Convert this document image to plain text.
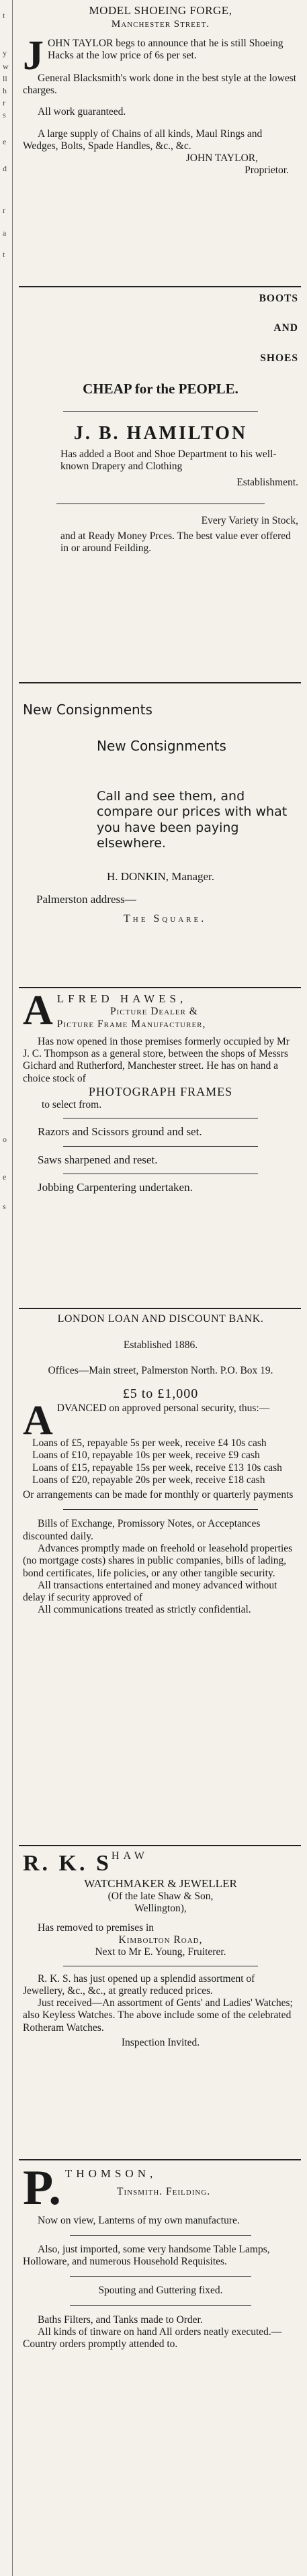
t
y
w
ll
h
r
s
e
d
r
a
t
o
e
s

MODEL SHOEING FORGE,

Manchester Street.

JOHN TAYLOR begs to announce that he is still Shoeing Hacks at the low price of 6s per set.

General Blacksmith's work done in the best style at the lowest charges.

All work guaranteed.

A large supply of Chains of all kinds, Maul Rings and Wedges, Bolts, Spade Handles, &c., &c.

JOHN TAYLOR,

Proprietor.

BOOTS

AND

SHOES

CHEAP for the PEOPLE.

J. B. HAMILTON

Has added a Boot and Shoe Department to his well-known Drapery and Clothing

Establishment.

Every Variety in Stock,

and at Ready Money Prces. The best value ever offered in or around Feilding.

New Consignments

New Consignments

Call and see them, and compare our prices with what you have been paying elsewhere.

H. DONKIN, Manager.

Palmerston address—

The Square.

ALFRED HAWES,

Picture Dealer &

Picture Frame Manufacturer,

Has now opened in those premises formerly occupied by Mr J. C. Thompson as a general store, between the shops of Messrs Gichard and Rutherford, Manchester street. He has on hand a choice stock of

PHOTOGRAPH FRAMES

to select from.

Razors and Scissors ground and set.

Saws sharpened and reset.

Jobbing Carpentering undertaken.

LONDON LOAN AND DISCOUNT BANK.

Established 1886.

Offices—Main street, Palmerston North. P.O. Box 19.

£5 to £1,000

ADVANCED on approved personal security, thus:—

Loans of £5, repayable 5s per week, receive £4 10s cash

Loans of £10, repayable 10s per week, receive £9 cash

Loans of £15, repayable 15s per week, receive £13 10s cash

Loans of £20, repayable 20s per week, receive £18 cash

Or arrangements can be made for monthly or quarterly payments

Bills of Exchange, Promissory Notes, or Acceptances discounted daily.

Advances promptly made on freehold or leasehold properties (no mortgage costs) shares in public companies, bills of lading, bond certificates, life policies, or any other tangible security.

All transactions entertained and money advanced without delay if security approved of

All communications treated as strictly confidential.

R. K. SHAW

WATCHMAKER & JEWELLER

(Of the late Shaw & Son,

Wellington),

Has removed to premises in

Kimbolton Road,

Next to Mr E. Young, Fruiterer.

R. K. S. has just opened up a splendid assortment of Jewellery, &c., &c., at greatly reduced prices.

Just received—An assortment of Gents' and Ladies' Watches; also Keyless Watches. The above include some of the celebrated Rotheram Watches.

Inspection Invited.

P. THOMSON,

Tinsmith. Feilding.

Now on view, Lanterns of my own manufacture.

Also, just imported, some very handsome Table Lamps, Holloware, and numerous Household Requisites.

Spouting and Guttering fixed.

Baths Filters, and Tanks made to Order.

All kinds of tinware on hand All orders neatly executed.—Country orders promptly attended to.
